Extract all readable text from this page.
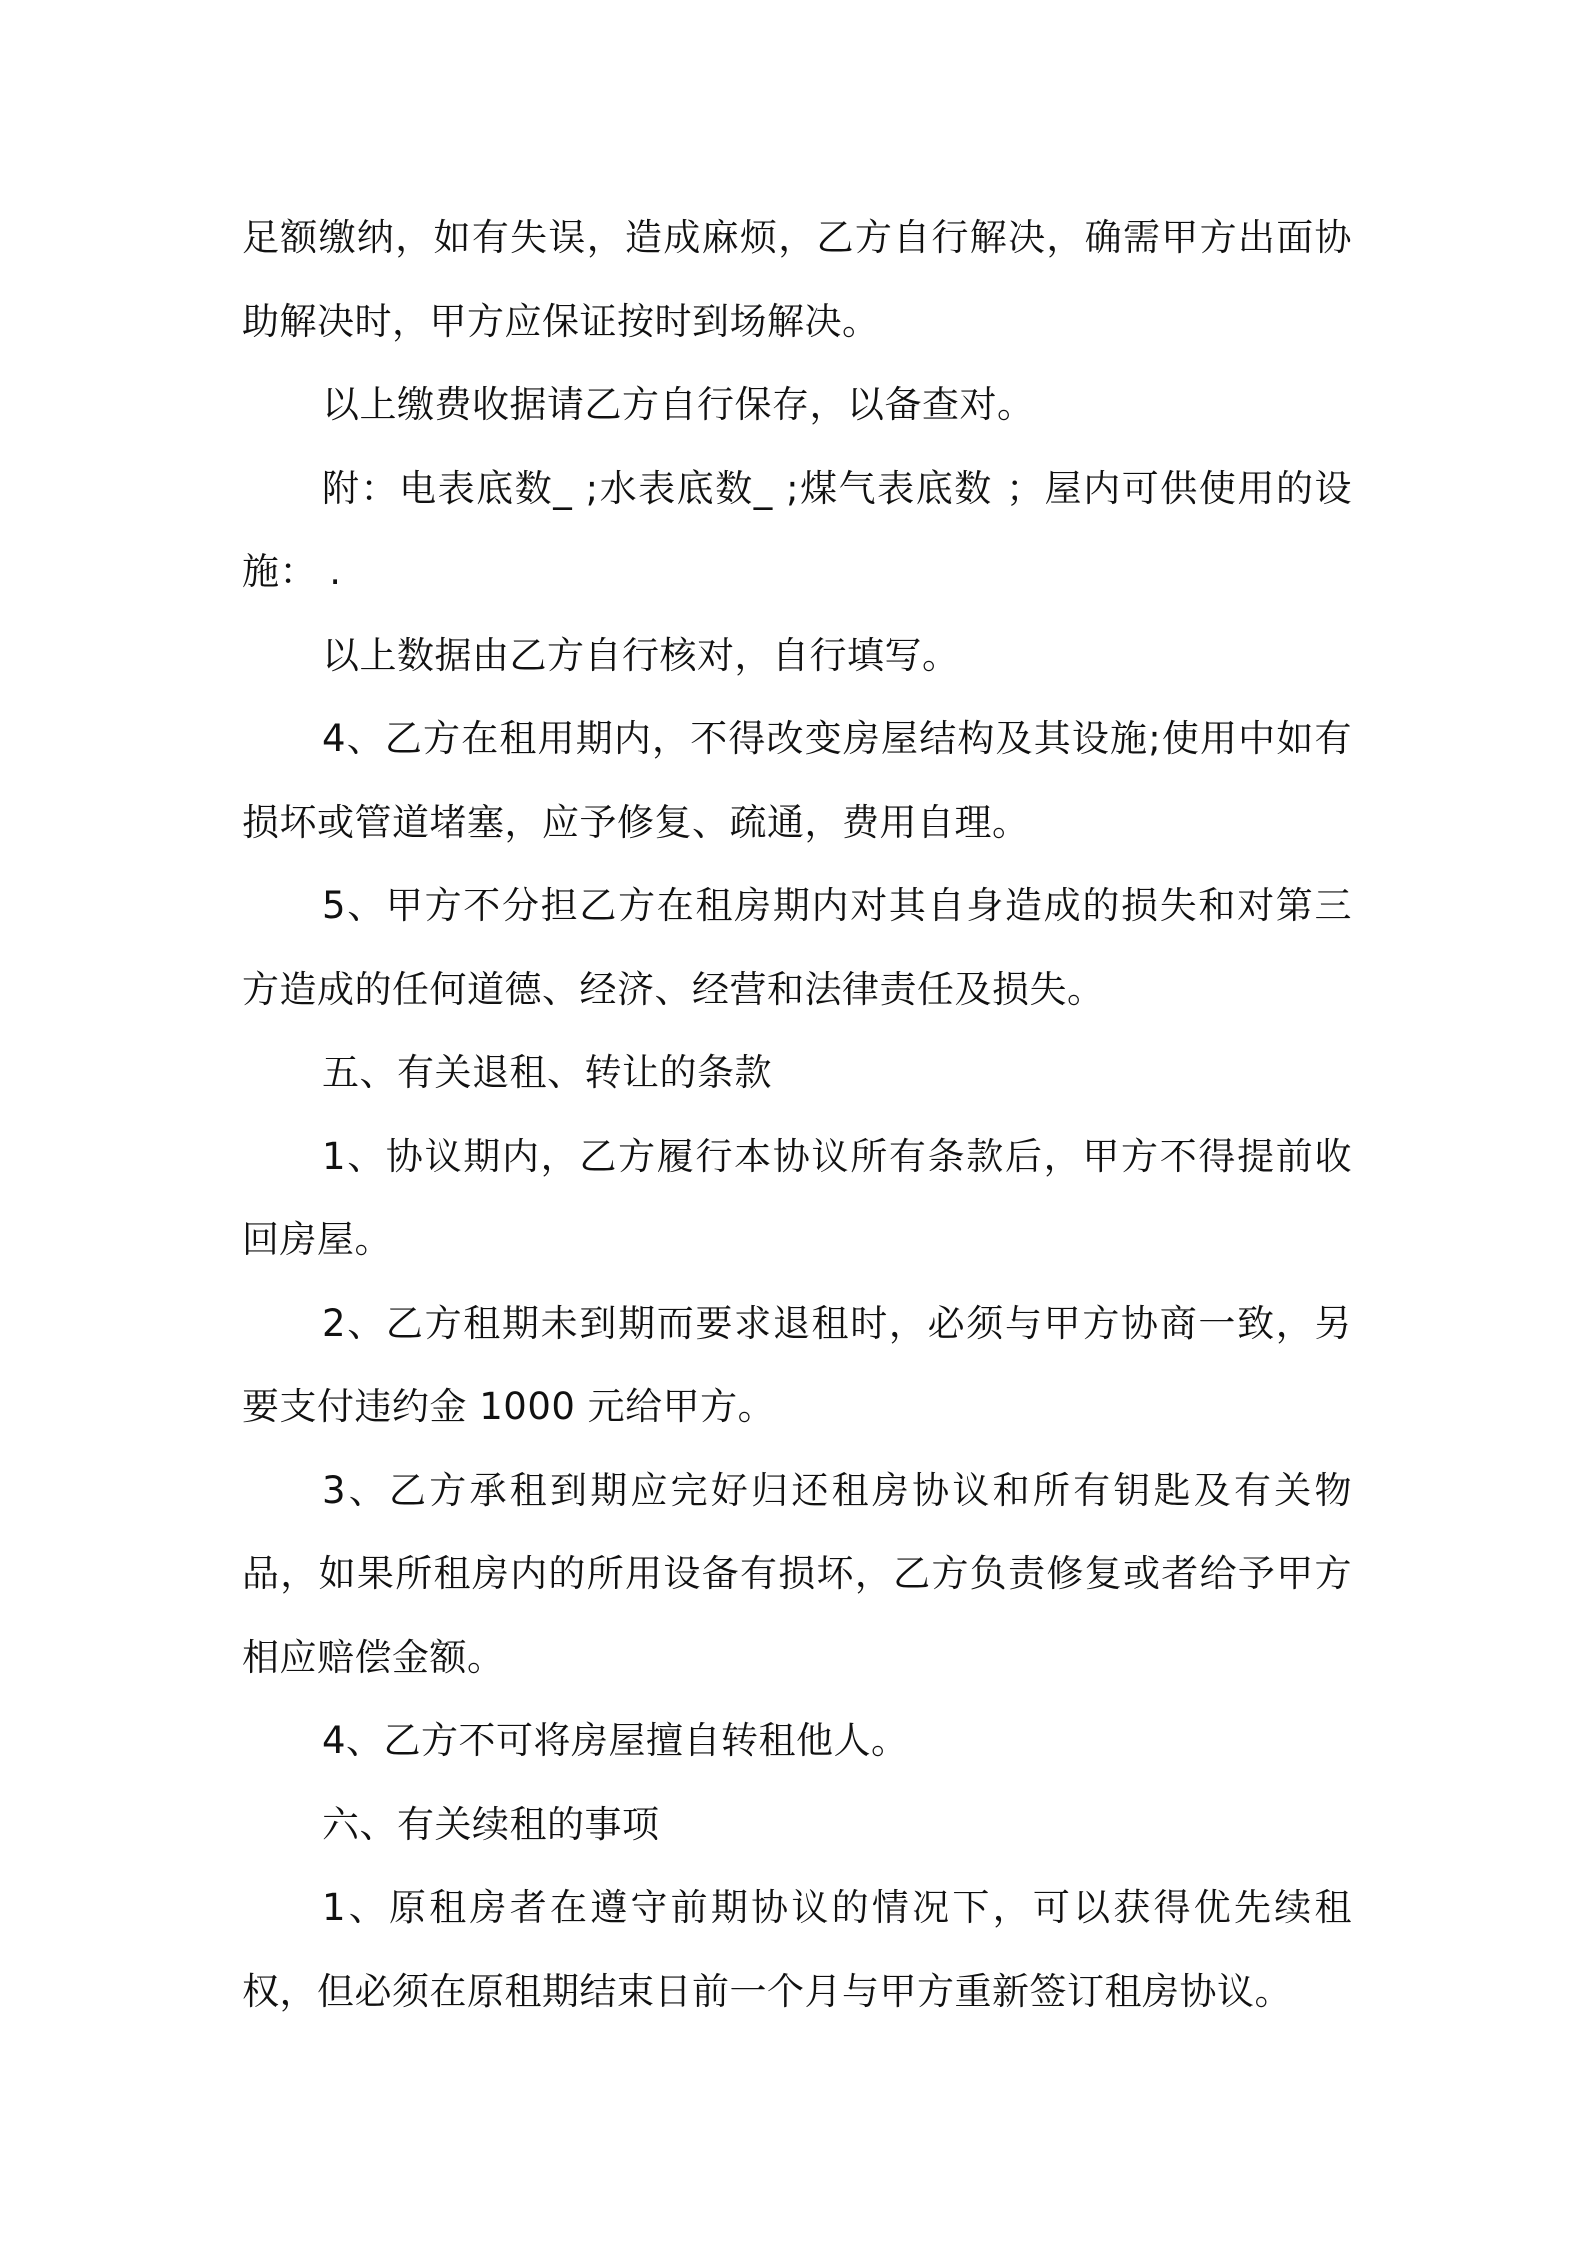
足额缴纳，如有失误，造成麻烦，乙方自行解决，确需甲方出面协助解决时，甲方应保证按时到场解决。

以上缴费收据请乙方自行保存，以备查对。

附：电表底数_ ;水表底数_ ;煤气表底数 ；屋内可供使用的设施： .

以上数据由乙方自行核对，自行填写。

4、乙方在租用期内，不得改变房屋结构及其设施;使用中如有损坏或管道堵塞，应予修复、疏通，费用自理。

5、甲方不分担乙方在租房期内对其自身造成的损失和对第三方造成的任何道德、经济、经营和法律责任及损失。

五、有关退租、转让的条款

1、协议期内，乙方履行本协议所有条款后，甲方不得提前收回房屋。

2、乙方租期未到期而要求退租时，必须与甲方协商一致，另要支付违约金 1000 元给甲方。

3、乙方承租到期应完好归还租房协议和所有钥匙及有关物品，如果所租房内的所用设备有损坏，乙方负责修复或者给予甲方相应赔偿金额。

4、乙方不可将房屋擅自转租他人。

六、有关续租的事项

1、原租房者在遵守前期协议的情况下，可以获得优先续租权，但必须在原租期结束日前一个月与甲方重新签订租房协议。
